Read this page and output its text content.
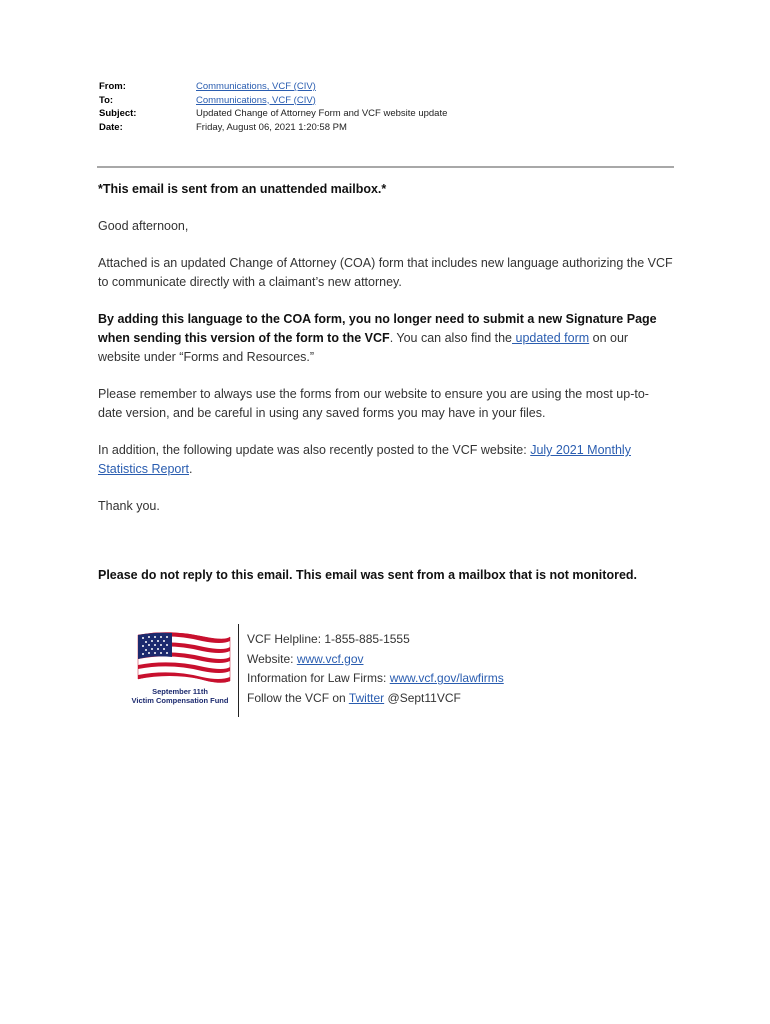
From:	Communications, VCF (CIV)
To:	Communications, VCF (CIV)
Subject:	Updated Change of Attorney Form and VCF website update
Date:	Friday, August 06, 2021 1:20:58 PM

*This email is sent from an unattended mailbox.*

Good afternoon,

Attached is an updated Change of Attorney (COA) form that includes new language authorizing the VCF to communicate directly with a claimant’s new attorney.

By adding this language to the COA form, you no longer need to submit a new Signature Page when sending this version of the form to the VCF. You can also find the updated form on our website under “Forms and Resources.”

Please remember to always use the forms from our website to ensure you are using the most up-to-date version, and be careful in using any saved forms you may have in your files.

In addition, the following update was also recently posted to the VCF website: July 2021 Monthly Statistics Report.

Thank you.

Please do not reply to this email. This email was sent from a mailbox that is not monitored.
September 11th
Victim Compensation Fund
VCF Helpline: 1-855-885-1555
Website: www.vcf.gov
Information for Law Firms: www.vcf.gov/lawfirms
Follow the VCF on Twitter @Sept11VCF
